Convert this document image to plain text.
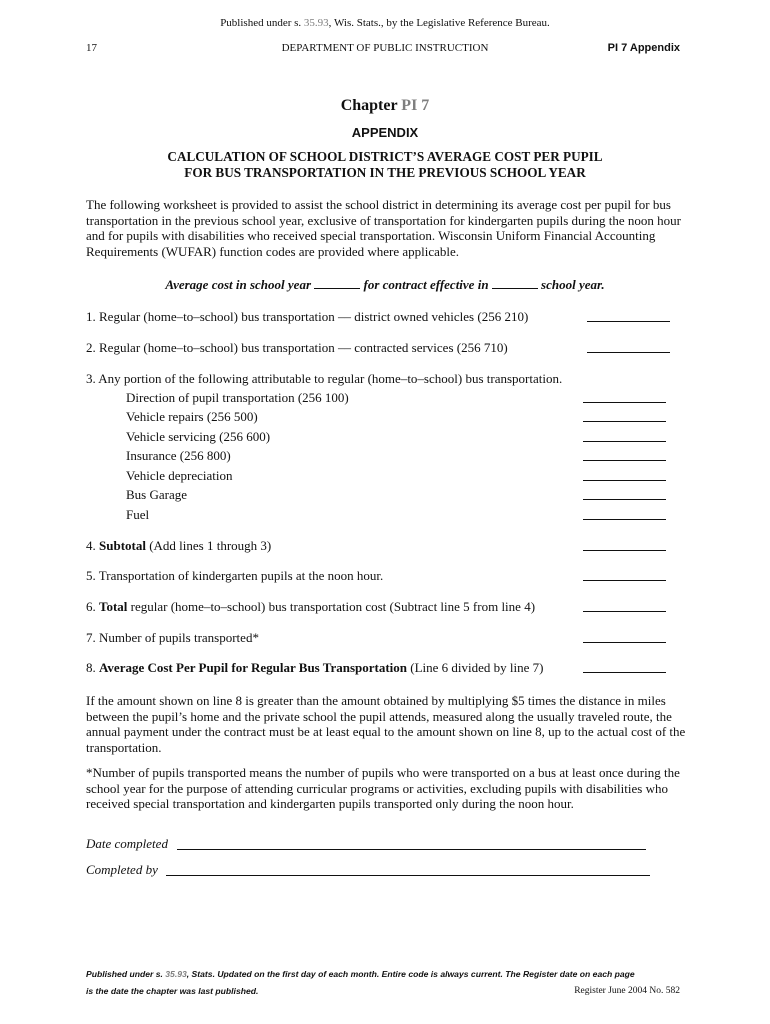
Published under s. 35.93, Wis. Stats., by the Legislative Reference Bureau.
17	DEPARTMENT OF PUBLIC INSTRUCTION	PI 7 Appendix
Chapter PI 7
APPENDIX
CALCULATION OF SCHOOL DISTRICT’S AVERAGE COST PER PUPIL
FOR BUS TRANSPORTATION IN THE PREVIOUS SCHOOL YEAR
The following worksheet is provided to assist the school district in determining its average cost per pupil for bus transportation in the previous school year, exclusive of transportation for kindergarten pupils during the noon hour and for pupils with disabilities who received special transportation. Wisconsin Uniform Financial Accounting Requirements (WUFAR) function codes are provided where applicable.
Average cost in school year	for contract effective in	school year.
1. Regular (home–to–school) bus transportation –– district owned vehicles (256 210)
2. Regular (home–to–school) bus transportation –– contracted services (256 710)
3. Any portion of the following attributable to regular (home–to–school) bus transportation.
Direction of pupil transportation (256 100)
Vehicle repairs (256 500)
Vehicle servicing (256 600)
Insurance (256 800)
Vehicle depreciation
Bus Garage
Fuel
4. Subtotal (Add lines 1 through 3)
5. Transportation of kindergarten pupils at the noon hour.
6. Total regular (home–to–school) bus transportation cost (Subtract line 5 from line 4)
7. Number of pupils transported*
8. Average Cost Per Pupil for Regular Bus Transportation (Line 6 divided by line 7)
If the amount shown on line 8 is greater than the amount obtained by multiplying $5 times the distance in miles between the pupil’s home and the private school the pupil attends, measured along the usually traveled route, the annual payment under the contract must be at least equal to the amount shown on line 8, up to the actual cost of the transportation.
*Number of pupils transported means the number of pupils who were transported on a bus at least once during the school year for the purpose of attending curricular programs or activities, excluding pupils with disabilities who received special transportation and kindergarten pupils transported only during the noon hour.
Date completed
Completed by
Published under s. 35.93, Stats. Updated on the first day of each month. Entire code is always current. The Register date on each page
is the date the chapter was last published.	Register June 2004 No. 582
